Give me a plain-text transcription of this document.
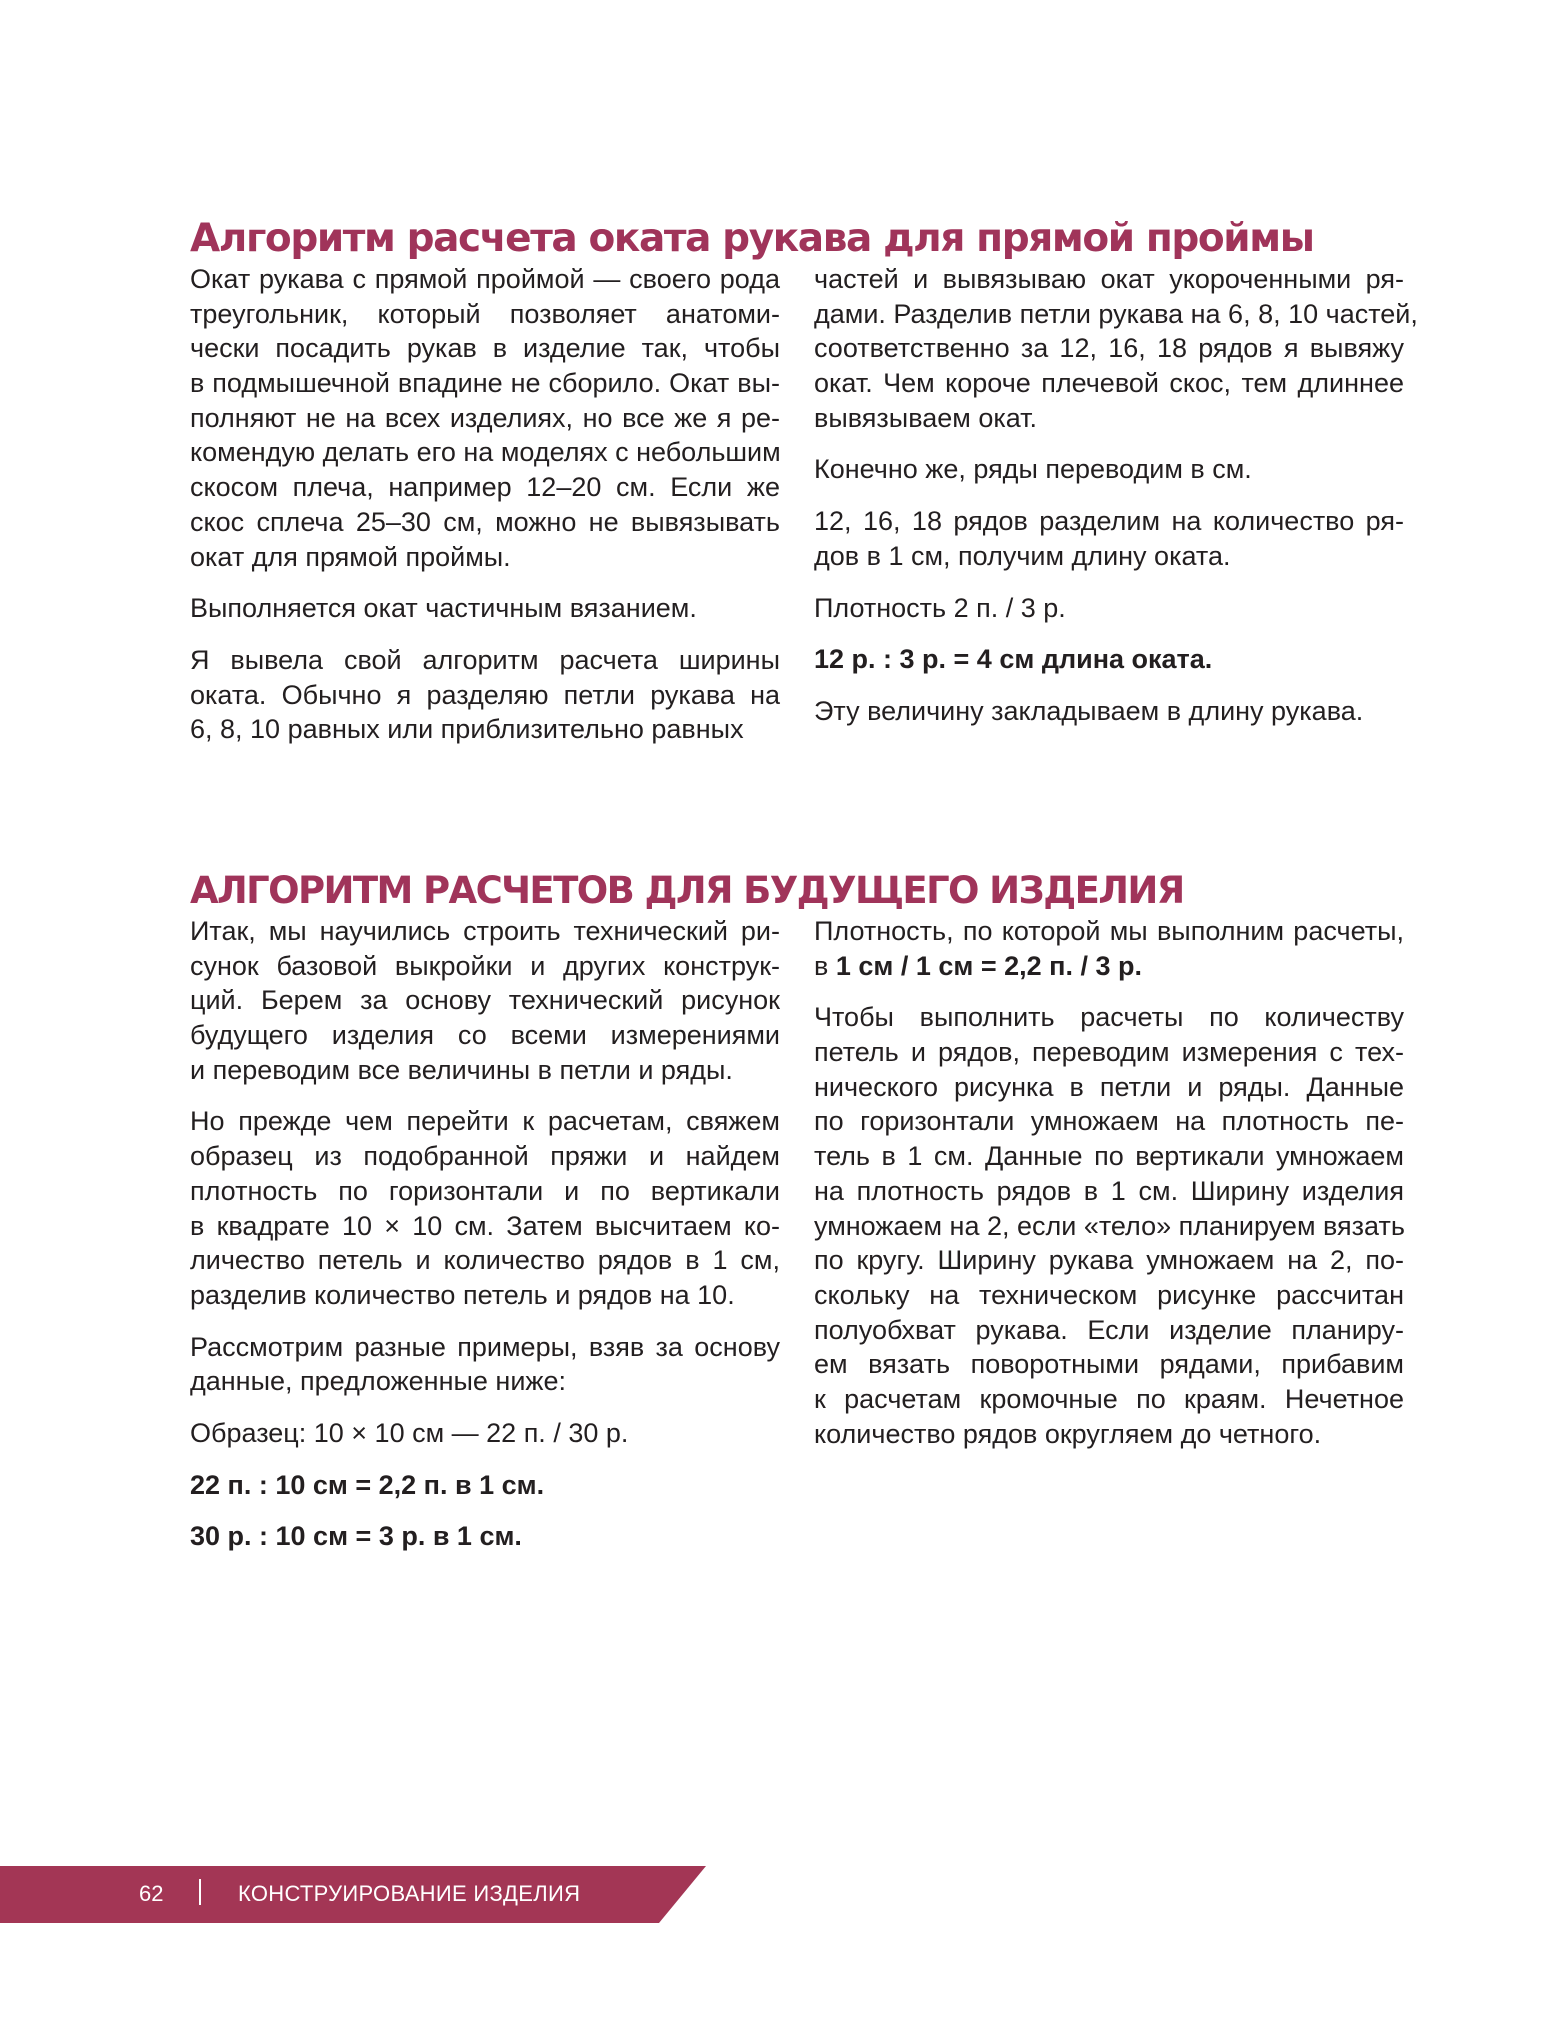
Алгоритм расчета оката рукава для прямой проймы
Окат рукава с прямой проймой — своего рода
треугольник, который позволяет анатоми-
чески посадить рукав в изделие так, чтобы
в подмышечной впадине не сборило. Окат вы-
полняют не на всех изделиях, но все же я ре-
комендую делать его на моделях с небольшим
скосом плеча, например 12–20 см. Если же
скос сплеча 25–30 см, можно не вывязывать
окат для прямой проймы.
Выполняется окат частичным вязанием.
Я вывела свой алгоритм расчета ширины
оката. Обычно я разделяю петли рукава на
6, 8, 10 равных или приблизительно равных
частей и вывязываю окат укороченными ря-
дами. Разделив петли рукава на 6, 8, 10 частей,
соответственно за 12, 16, 18 рядов я вывяжу
окат. Чем короче плечевой скос, тем длиннее
вывязываем окат.
Конечно же, ряды переводим в см.
12, 16, 18 рядов разделим на количество ря-
дов в 1 см, получим длину оката.
Плотность 2 п. / 3 р.
12 р. : 3 р. = 4 см длина оката.
Эту величину закладываем в длину рукава.
АЛГОРИТМ РАСЧЕТОВ ДЛЯ БУДУЩЕГО ИЗДЕЛИЯ
Итак, мы научились строить технический ри-
сунок базовой выкройки и других конструк-
ций. Берем за основу технический рисунок
будущего изделия со всеми измерениями
и переводим все величины в петли и ряды.
Но прежде чем перейти к расчетам, свяжем
образец из подобранной пряжи и найдем
плотность по горизонтали и по вертикали
в квадрате 10 × 10 см. Затем высчитаем ко-
личество петель и количество рядов в 1 см,
разделив количество петель и рядов на 10.
Рассмотрим разные примеры, взяв за основу
данные, предложенные ниже:
Образец: 10 × 10 см — 22 п. / 30 р.
22 п. : 10 см = 2,2 п. в 1 см.
30 р. : 10 см = 3 р. в 1 см.
Плотность, по которой мы выполним расчеты,
в 1 см / 1 см = 2,2 п. / 3 р.
Чтобы выполнить расчеты по количеству
петель и рядов, переводим измерения с тех-
нического рисунка в петли и ряды. Данные
по горизонтали умножаем на плотность пе-
тель в 1 см. Данные по вертикали умножаем
на плотность рядов в 1 см. Ширину изделия
умножаем на 2, если «тело» планируем вязать
по кругу. Ширину рукава умножаем на 2, по-
скольку на техническом рисунке рассчитан
полуобхват рукава. Если изделие планиру-
ем вязать поворотными рядами, прибавим
к расчетам кромочные по краям. Нечетное
количество рядов округляем до четного.
62	КОНСТРУИРОВАНИЕ ИЗДЕЛИЯ
